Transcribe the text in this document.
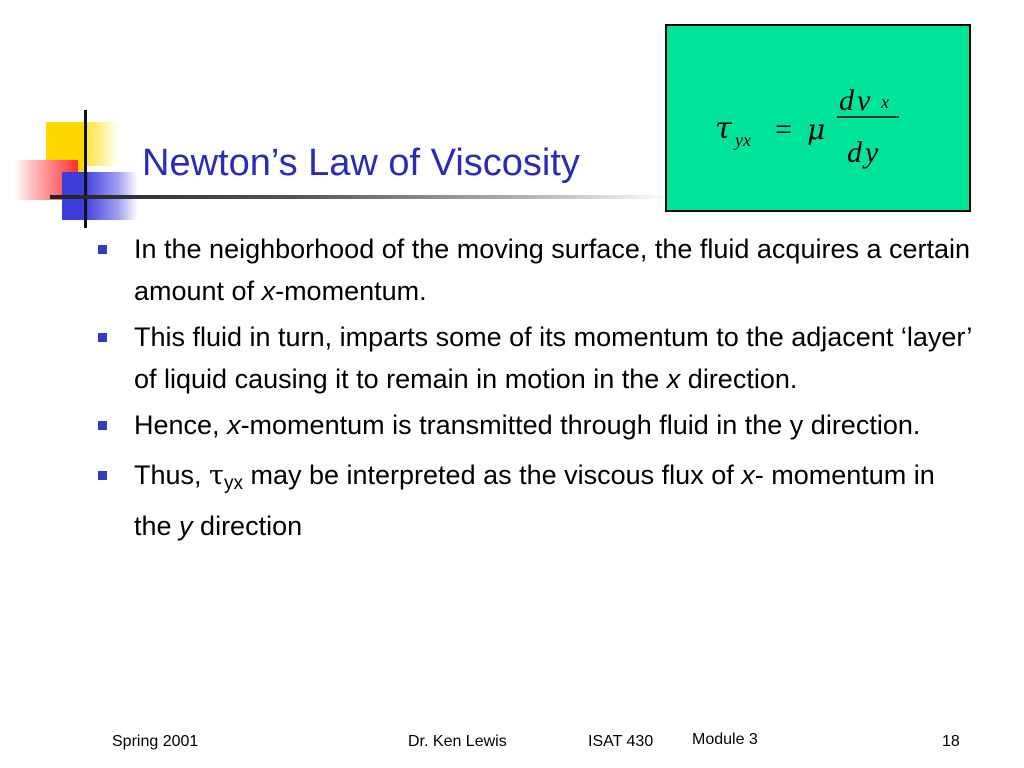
Newton’s Law of Viscosity
τ yx = μ
dv x
dy
In the neighborhood of the moving surface, the fluid acquires a certain amount of x-momentum.
This fluid in turn, imparts some of its momentum to the adjacent ‘layer’ of liquid causing it to remain in motion in the x direction.
Hence, x-momentum is transmitted through fluid in the y direction.
Thus, $\tau_{yx}$ may be interpreted as the viscous flux of x- momentum in the y direction
Spring 2001	Dr. Ken Lewis	ISAT 430 Module 3	18
